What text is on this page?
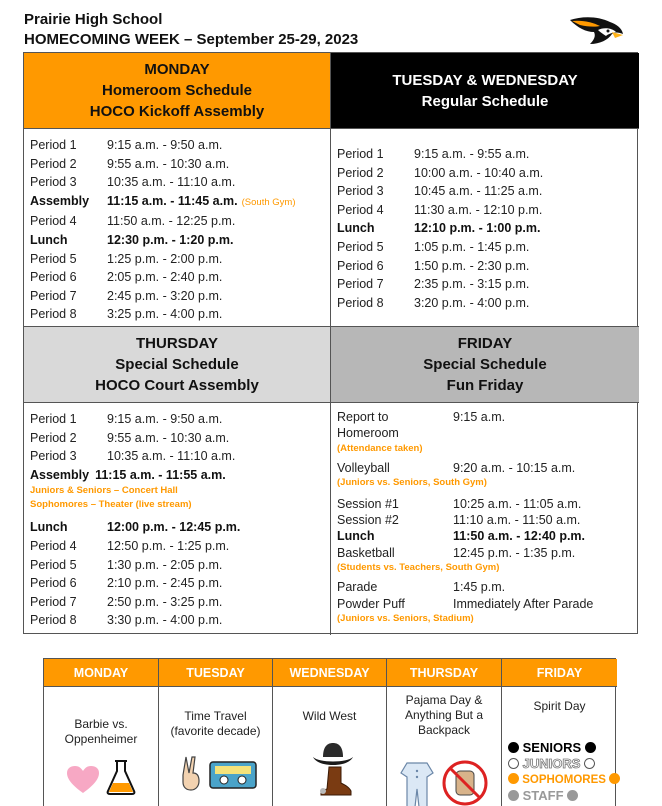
Prairie High School
HOMECOMING WEEK – September 25-29, 2023
MONDAY
Homeroom Schedule
HOCO Kickoff Assembly
TUESDAY & WEDNESDAY
Regular Schedule
Period 1	9:15 a.m. - 9:50 a.m.
Period 2	9:55 a.m. - 10:30 a.m.
Period 3	10:35 a.m. - 11:10 a.m.
Assembly	11:15 a.m. - 11:45 a.m. (South Gym)
Period 4	11:50 a.m. - 12:25 p.m.
Lunch	12:30 p.m. - 1:20 p.m.
Period 5	1:25 p.m. - 2:00 p.m.
Period 6	2:05 p.m. - 2:40 p.m.
Period 7	2:45 p.m. - 3:20 p.m.
Period 8	3:25 p.m. - 4:00 p.m.
Period 1	9:15 a.m. - 9:55 a.m.
Period 2	10:00 a.m. - 10:40 a.m.
Period 3	10:45 a.m. - 11:25 a.m.
Period 4	11:30 a.m. - 12:10 p.m.
Lunch	12:10 p.m. - 1:00 p.m.
Period 5	1:05 p.m. - 1:45 p.m.
Period 6	1:50 p.m. - 2:30 p.m.
Period 7	2:35 p.m. - 3:15 p.m.
Period 8	3:20 p.m. - 4:00 p.m.
THURSDAY
Special Schedule
HOCO Court Assembly
FRIDAY
Special Schedule
Fun Friday
Period 1	9:15 a.m. - 9:50 a.m.
Period 2	9:55 a.m. - 10:30 a.m.
Period 3	10:35 a.m. - 11:10 a.m.
Assembly 11:15 a.m. - 11:55 a.m.
Juniors & Seniors – Concert Hall
Sophomores – Theater (live stream)
Lunch	12:00 p.m. - 12:45 p.m.
Period 4	12:50 p.m. - 1:25 p.m.
Period 5	1:30 p.m. - 2:05 p.m.
Period 6	2:10 p.m. - 2:45 p.m.
Period 7	2:50 p.m. - 3:25 p.m.
Period 8	3:30 p.m. - 4:00 p.m.
Report to	9:15 a.m.
Homeroom
(Attendance taken)
Volleyball	9:20 a.m. - 10:15 a.m.
(Juniors vs. Seniors, South Gym)
Session #1	10:25 a.m. - 11:05 a.m.
Session #2	11:10 a.m. - 11:50 a.m.
Lunch	11:50 a.m. - 12:40 p.m.
Basketball	12:45 p.m. - 1:35 p.m.
(Students vs. Teachers, South Gym)
Parade	1:45 p.m.
Powder Puff	Immediately After Parade
(Juniors vs. Seniors, Stadium)
MONDAY
Barbie vs.
Oppenheimer
TUESDAY
Time Travel
(favorite decade)
WEDNESDAY
Wild West
THURSDAY
Pajama Day &
Anything But a
Backpack
FRIDAY
Spirit Day
SENIORS
JUNIORS
SOPHOMORES
STAFF
